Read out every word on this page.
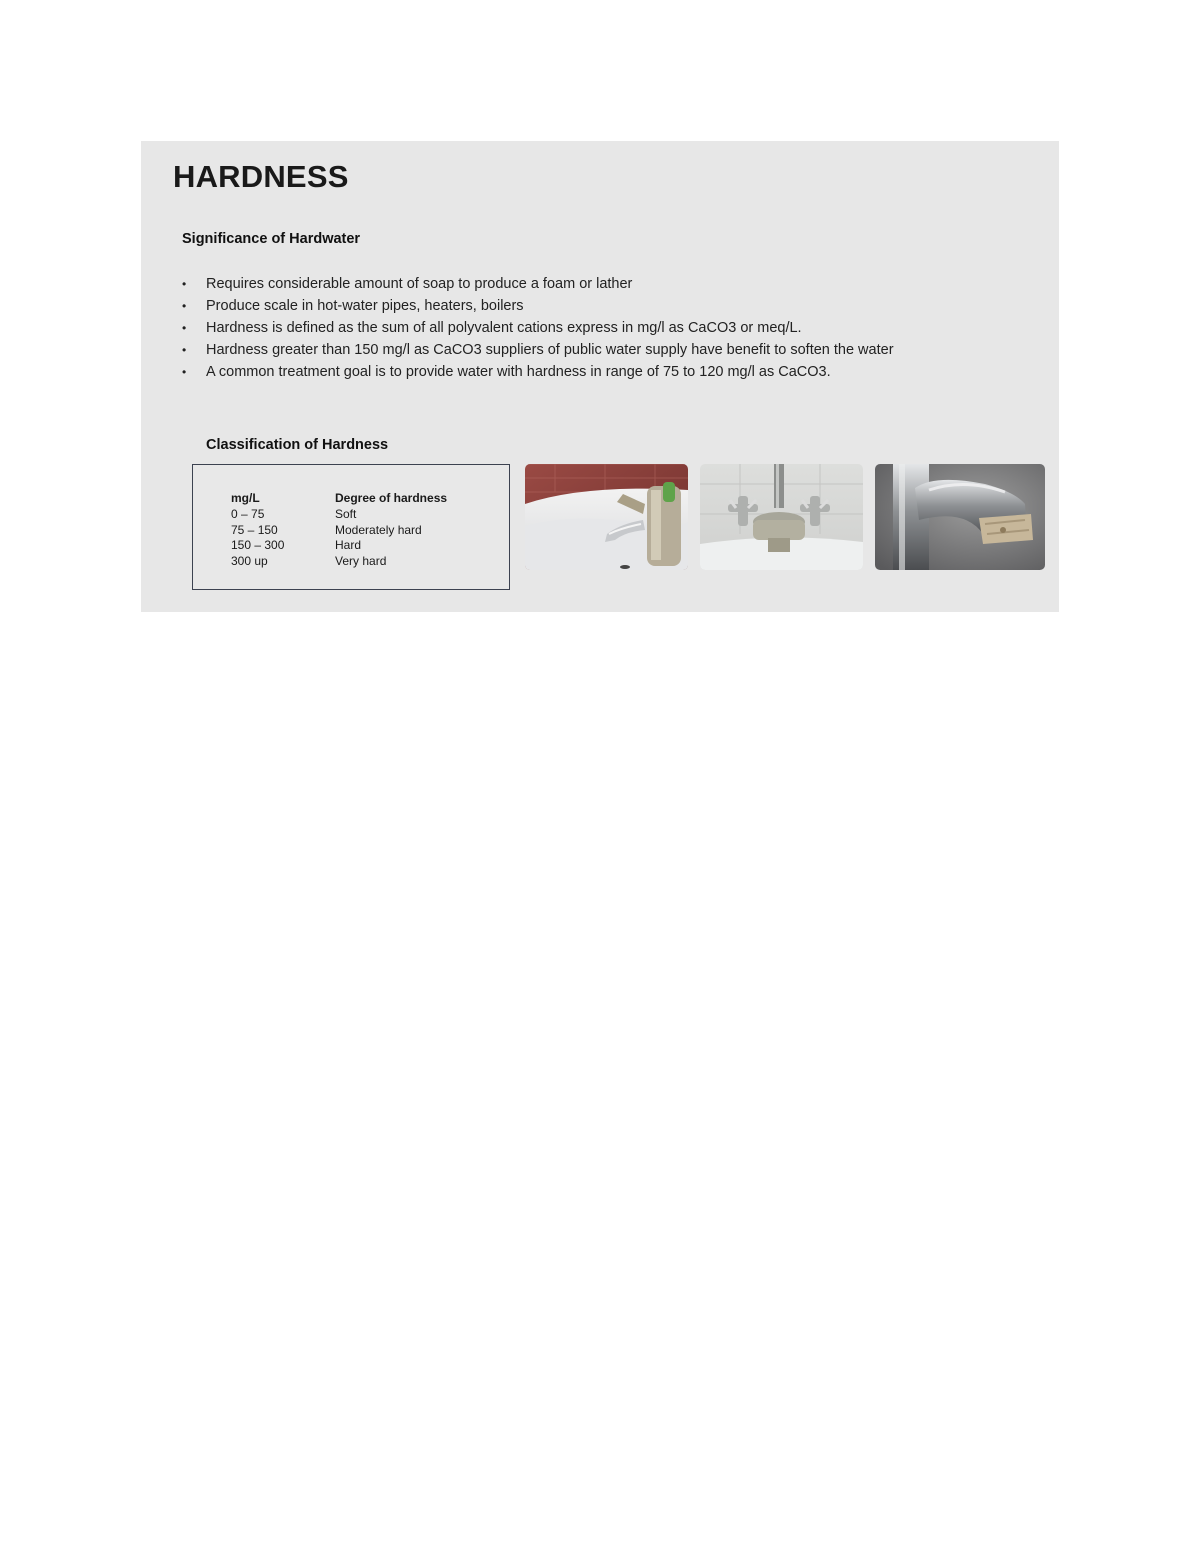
HARDNESS
Significance of Hardwater
•	Requires considerable amount of soap to produce a foam or lather
•	Produce scale in hot-water pipes, heaters, boilers
•	Hardness is defined as the sum of all polyvalent cations express in mg/l as CaCO3 or meq/L.
•	Hardness greater than 150 mg/l as CaCO3 suppliers of public water supply have benefit to soften the water
•	A common treatment goal is to provide water with hardness in range of 75 to 120 mg/l as CaCO3.
Classification of Hardness
mg/L	Degree of hardness
0 – 75	Soft
75 – 150	Moderately hard
150 – 300	Hard
300 up	Very hard
